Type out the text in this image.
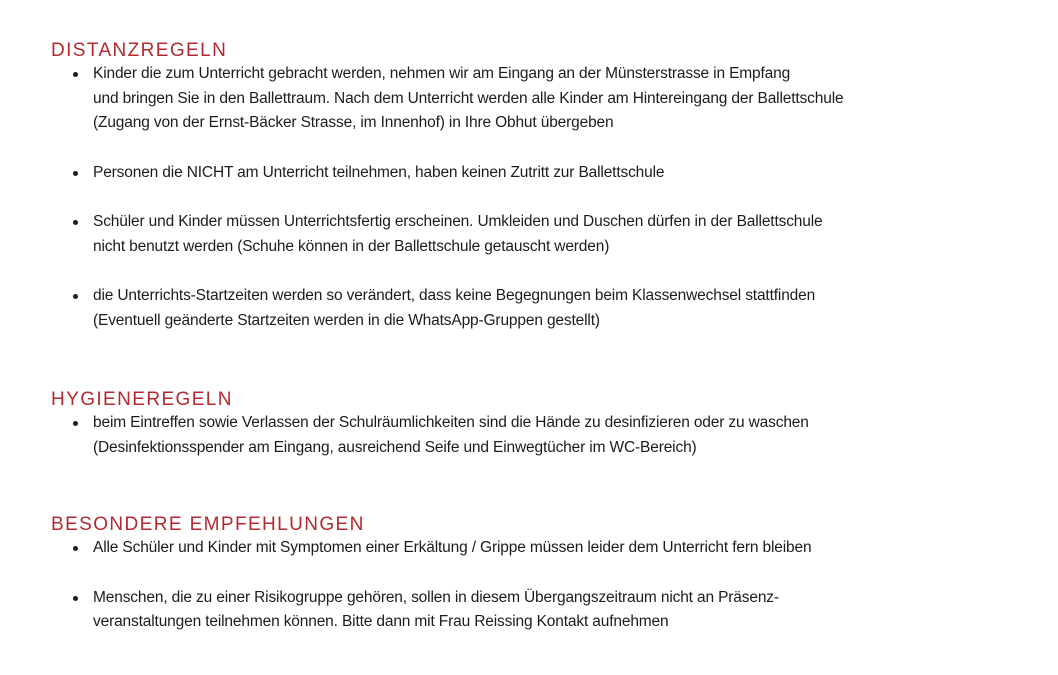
DISTANZREGELN
Kinder die zum Unterricht gebracht werden, nehmen wir am Eingang an der Münsterstrasse in Empfang
und bringen Sie in den Ballettraum. Nach dem Unterricht werden alle Kinder am Hintereingang der Ballettschule
(Zugang von der Ernst-Bäcker Strasse, im Innenhof) in Ihre Obhut übergeben
Personen die NICHT am Unterricht teilnehmen, haben keinen Zutritt zur Ballettschule
Schüler und Kinder müssen Unterrichtsfertig erscheinen. Umkleiden und Duschen dürfen in der Ballettschule
nicht benutzt werden (Schuhe können in der Ballettschule getauscht werden)
die Unterrichts-Startzeiten werden so verändert, dass keine Begegnungen beim Klassenwechsel stattfinden
(Eventuell geänderte Startzeiten werden in die WhatsApp-Gruppen gestellt)
HYGIENEREGELN
beim Eintreffen sowie Verlassen der Schulräumlichkeiten sind die Hände zu desinfizieren oder zu waschen
(Desinfektionsspender am Eingang, ausreichend Seife und Einwegtücher im WC-Bereich)
BESONDERE EMPFEHLUNGEN
Alle Schüler und Kinder mit Symptomen einer Erkältung / Grippe müssen leider dem Unterricht fern bleiben
Menschen, die zu einer Risikogruppe gehören, sollen in diesem Übergangszeitraum nicht an Präsenz-
veranstaltungen teilnehmen können. Bitte dann mit Frau Reissing Kontakt aufnehmen
